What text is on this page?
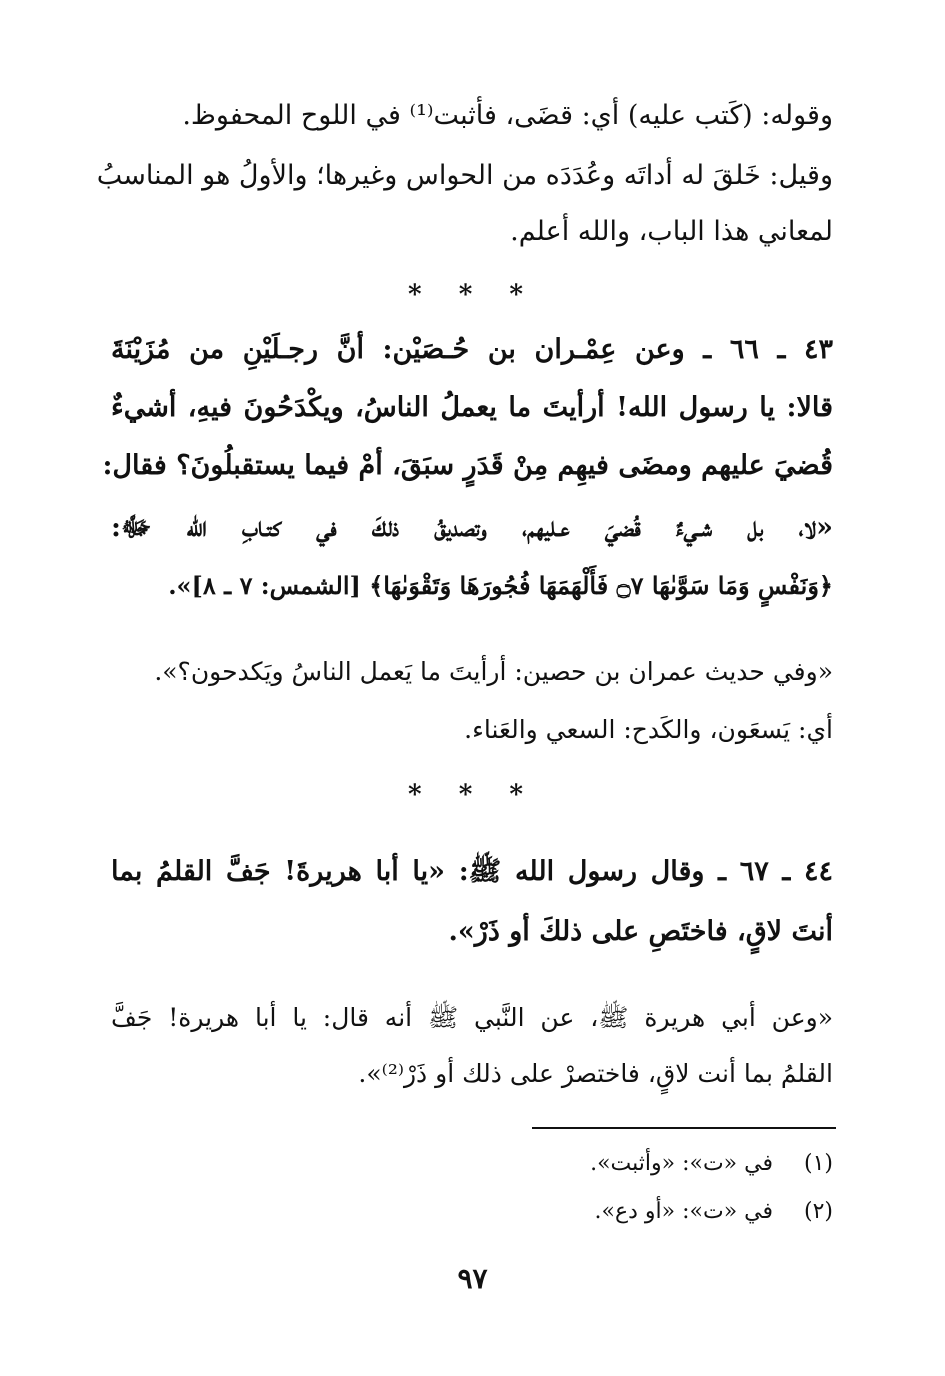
وقوله: (كَتب عليه) أي: قضَى، فأثبت⁽¹⁾ في اللوح المحفوظ.
وقيل: خَلقَ له أداتَه وعُدَدَه من الحواس وغيرها؛ والأولُ هو المناسبُ
لمعاني هذا الباب، والله أعلم.
* * *
٤٣ ـ ٦٦ ـ وعن عِمْـران بن حُـصَيْن: أنَّ رجـلَيْنِ من مُزَيْنَةَ
قالا: يا رسول الله! أرأيتَ ما يعملُ الناسُ، ويكْدَحُونَ فيهِ، أشيءٌ
قُضيَ عليهم ومضَى فيهِم مِنْ قَدَرٍ سبَقَ، أمْ فيما يستقبلُونَ؟ فقال:
«لا، بل شـيءٌ قُضيَ عـليهم، وتصديقُ ذلكَ في كتـابِ الله ﷻ:
﴿وَنَفْسٍ وَمَا سَوَّىٰهَا ۝٧ فَأَلْهَمَهَا فُجُورَهَا وَتَقْوَىٰهَا﴾ [الشمس: ٧ ـ ٨]».
«وفي حديث عمران بن حصين: أرأيتَ ما يَعمل الناسُ ويَكدحون؟».
أي: يَسعَون، والكَدح: السعي والعَناء.
* * *
٤٤ ـ ٦٧ ـ وقال رسول الله ﷺ: «يا أبا هريرةَ! جَفَّ القلمُ بما
أنتَ لاقٍ، فاختَصِ على ذلكَ أو ذَرْ».
«وعن أبي هريرة ﷺ، عن النَّبي ﷺ أنه قال: يا أبا هريرة! جَفَّ
القلمُ بما أنت لاقٍ، فاختصرْ على ذلك أو ذَرْ⁽²⁾».
(١)في «ت»: «وأثبت».
(٢)في «ت»: «أو دع».
٩٧
